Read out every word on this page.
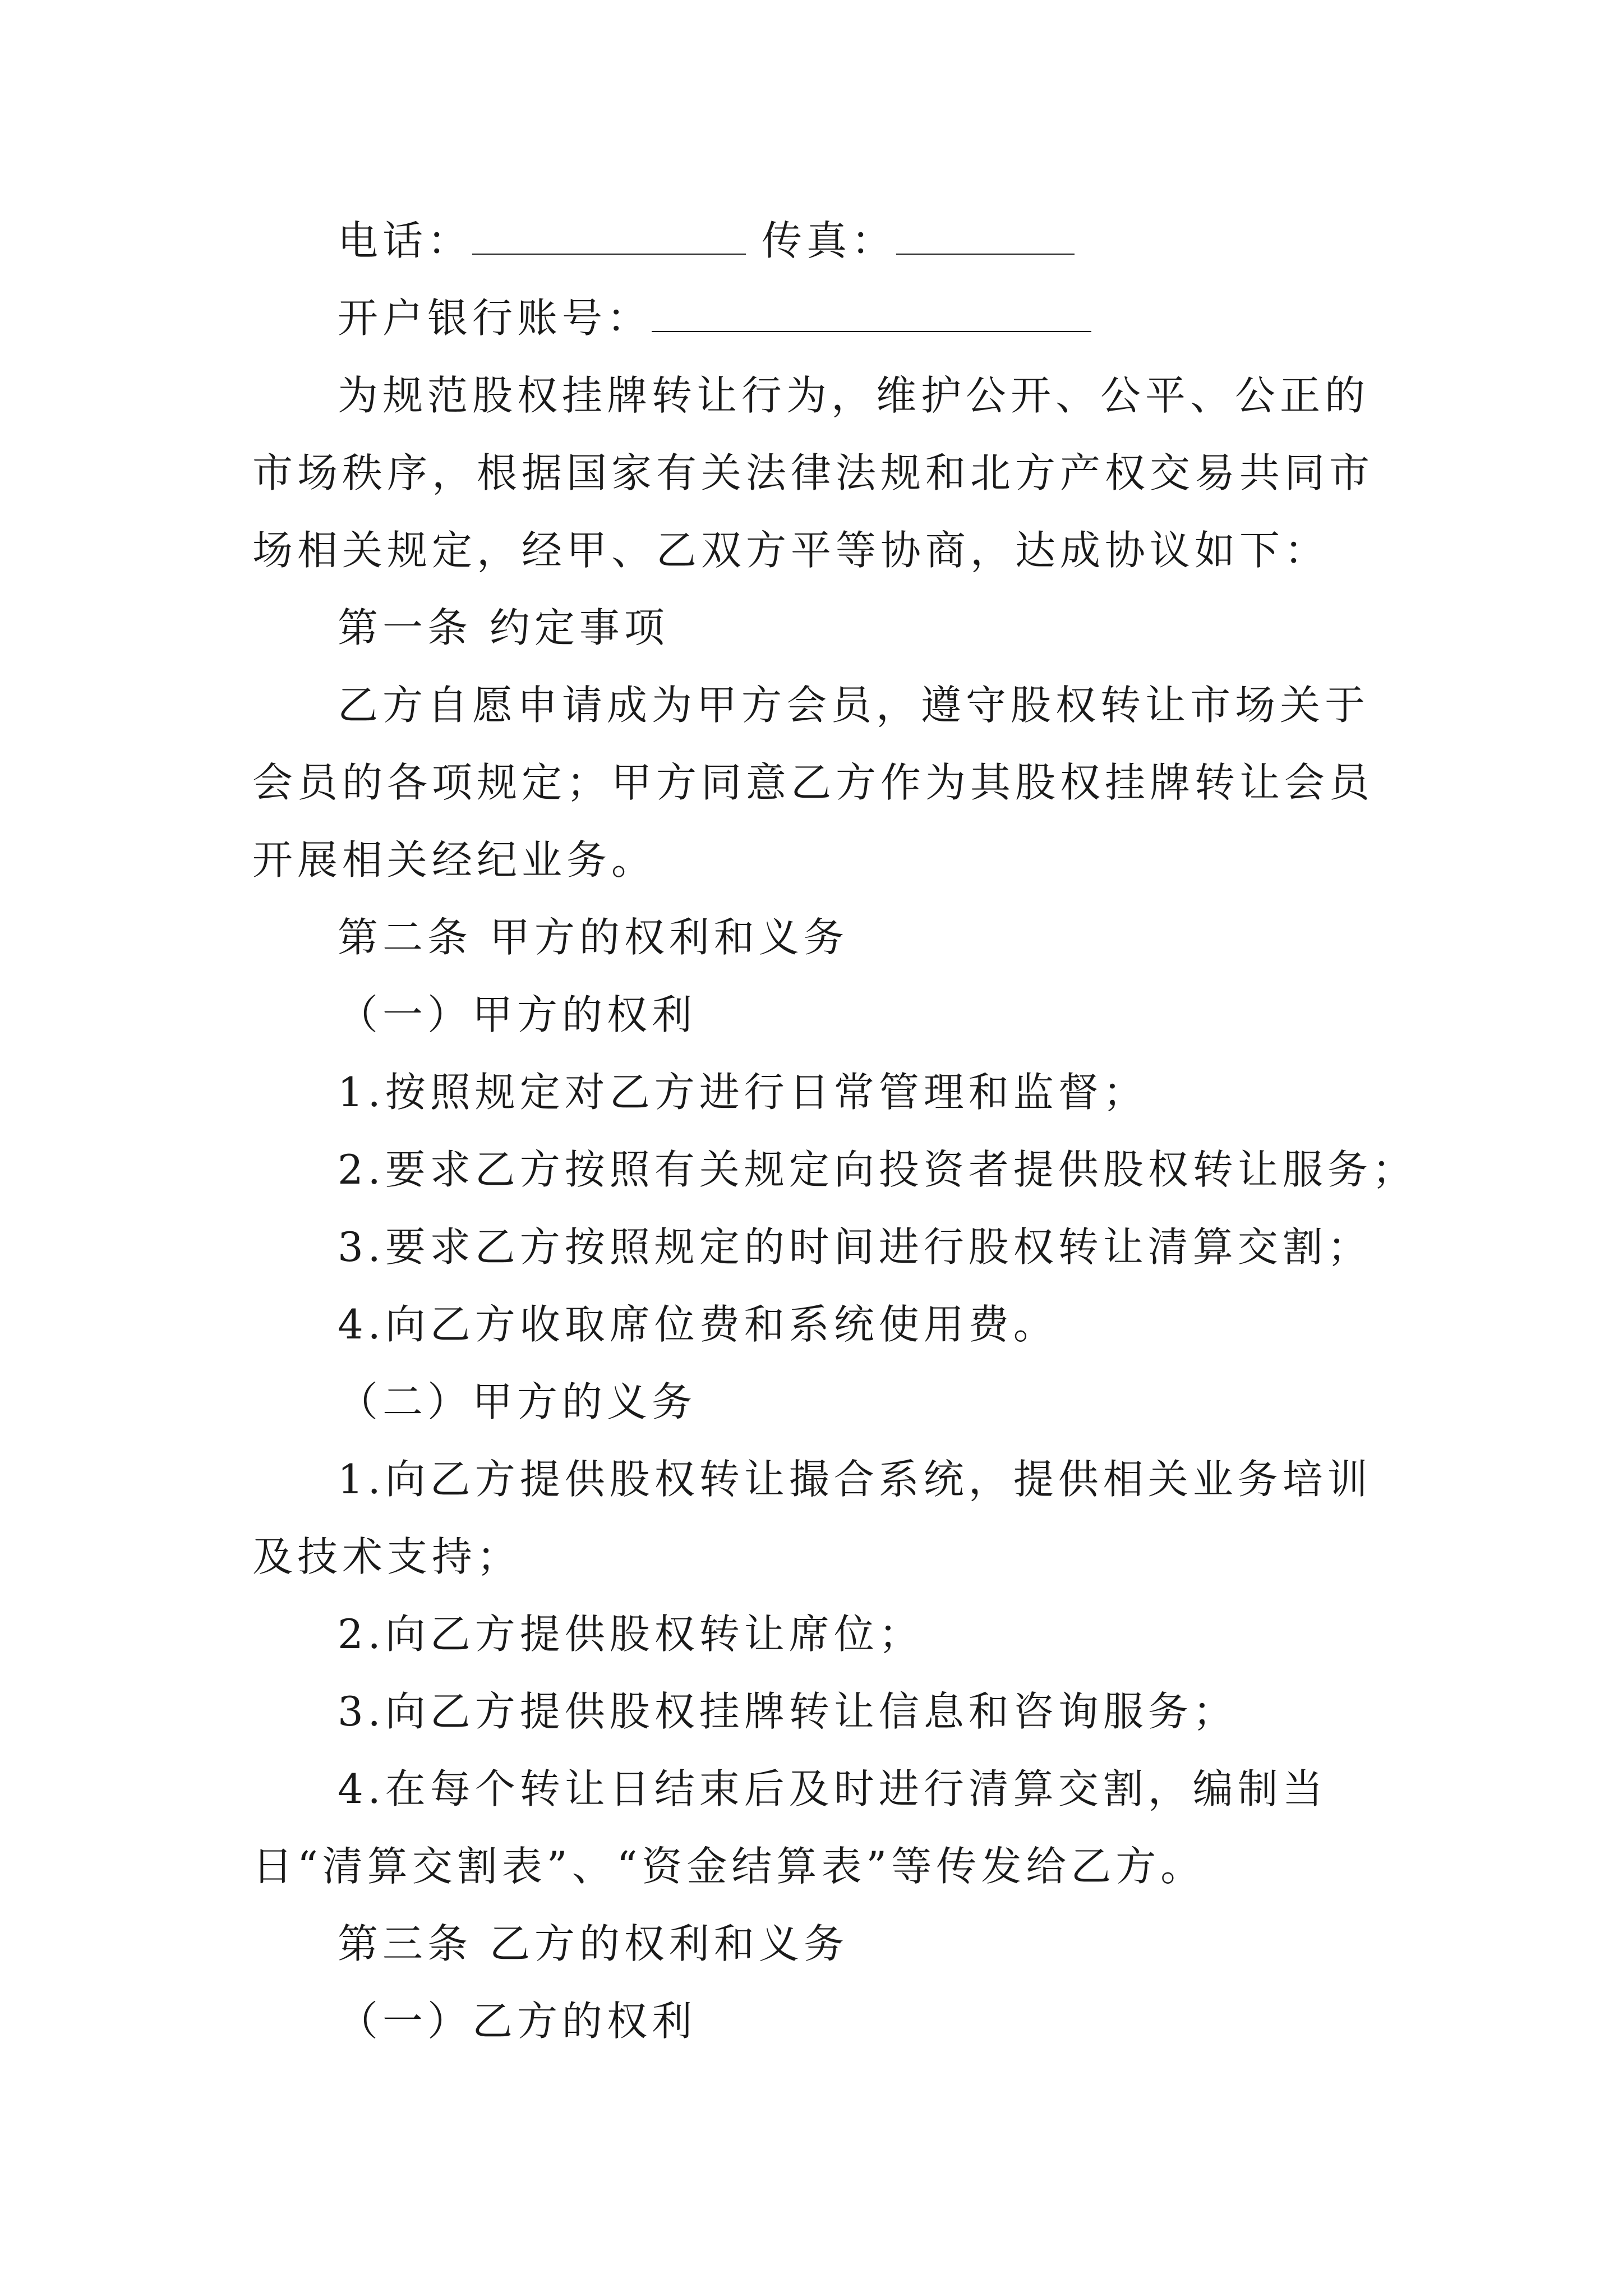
电话：	传真：

开户银行账号：

为规范股权挂牌转让行为，维护公开、公平、公正的市场秩序，根据国家有关法律法规和北方产权交易共同市场相关规定，经甲、乙双方平等协商，达成协议如下：

第一条 约定事项

乙方自愿申请成为甲方会员，遵守股权转让市场关于会员的各项规定；甲方同意乙方作为其股权挂牌转让会员开展相关经纪业务。

第二条 甲方的权利和义务

（一）甲方的权利

1.按照规定对乙方进行日常管理和监督；

2.要求乙方按照有关规定向投资者提供股权转让服务；

3.要求乙方按照规定的时间进行股权转让清算交割；

4.向乙方收取席位费和系统使用费。

（二）甲方的义务

1.向乙方提供股权转让撮合系统，提供相关业务培训及技术支持；

2.向乙方提供股权转让席位；

3.向乙方提供股权挂牌转让信息和咨询服务；

4.在每个转让日结束后及时进行清算交割，编制当日“清算交割表”、“资金结算表”等传发给乙方。

第三条 乙方的权利和义务

（一）乙方的权利
